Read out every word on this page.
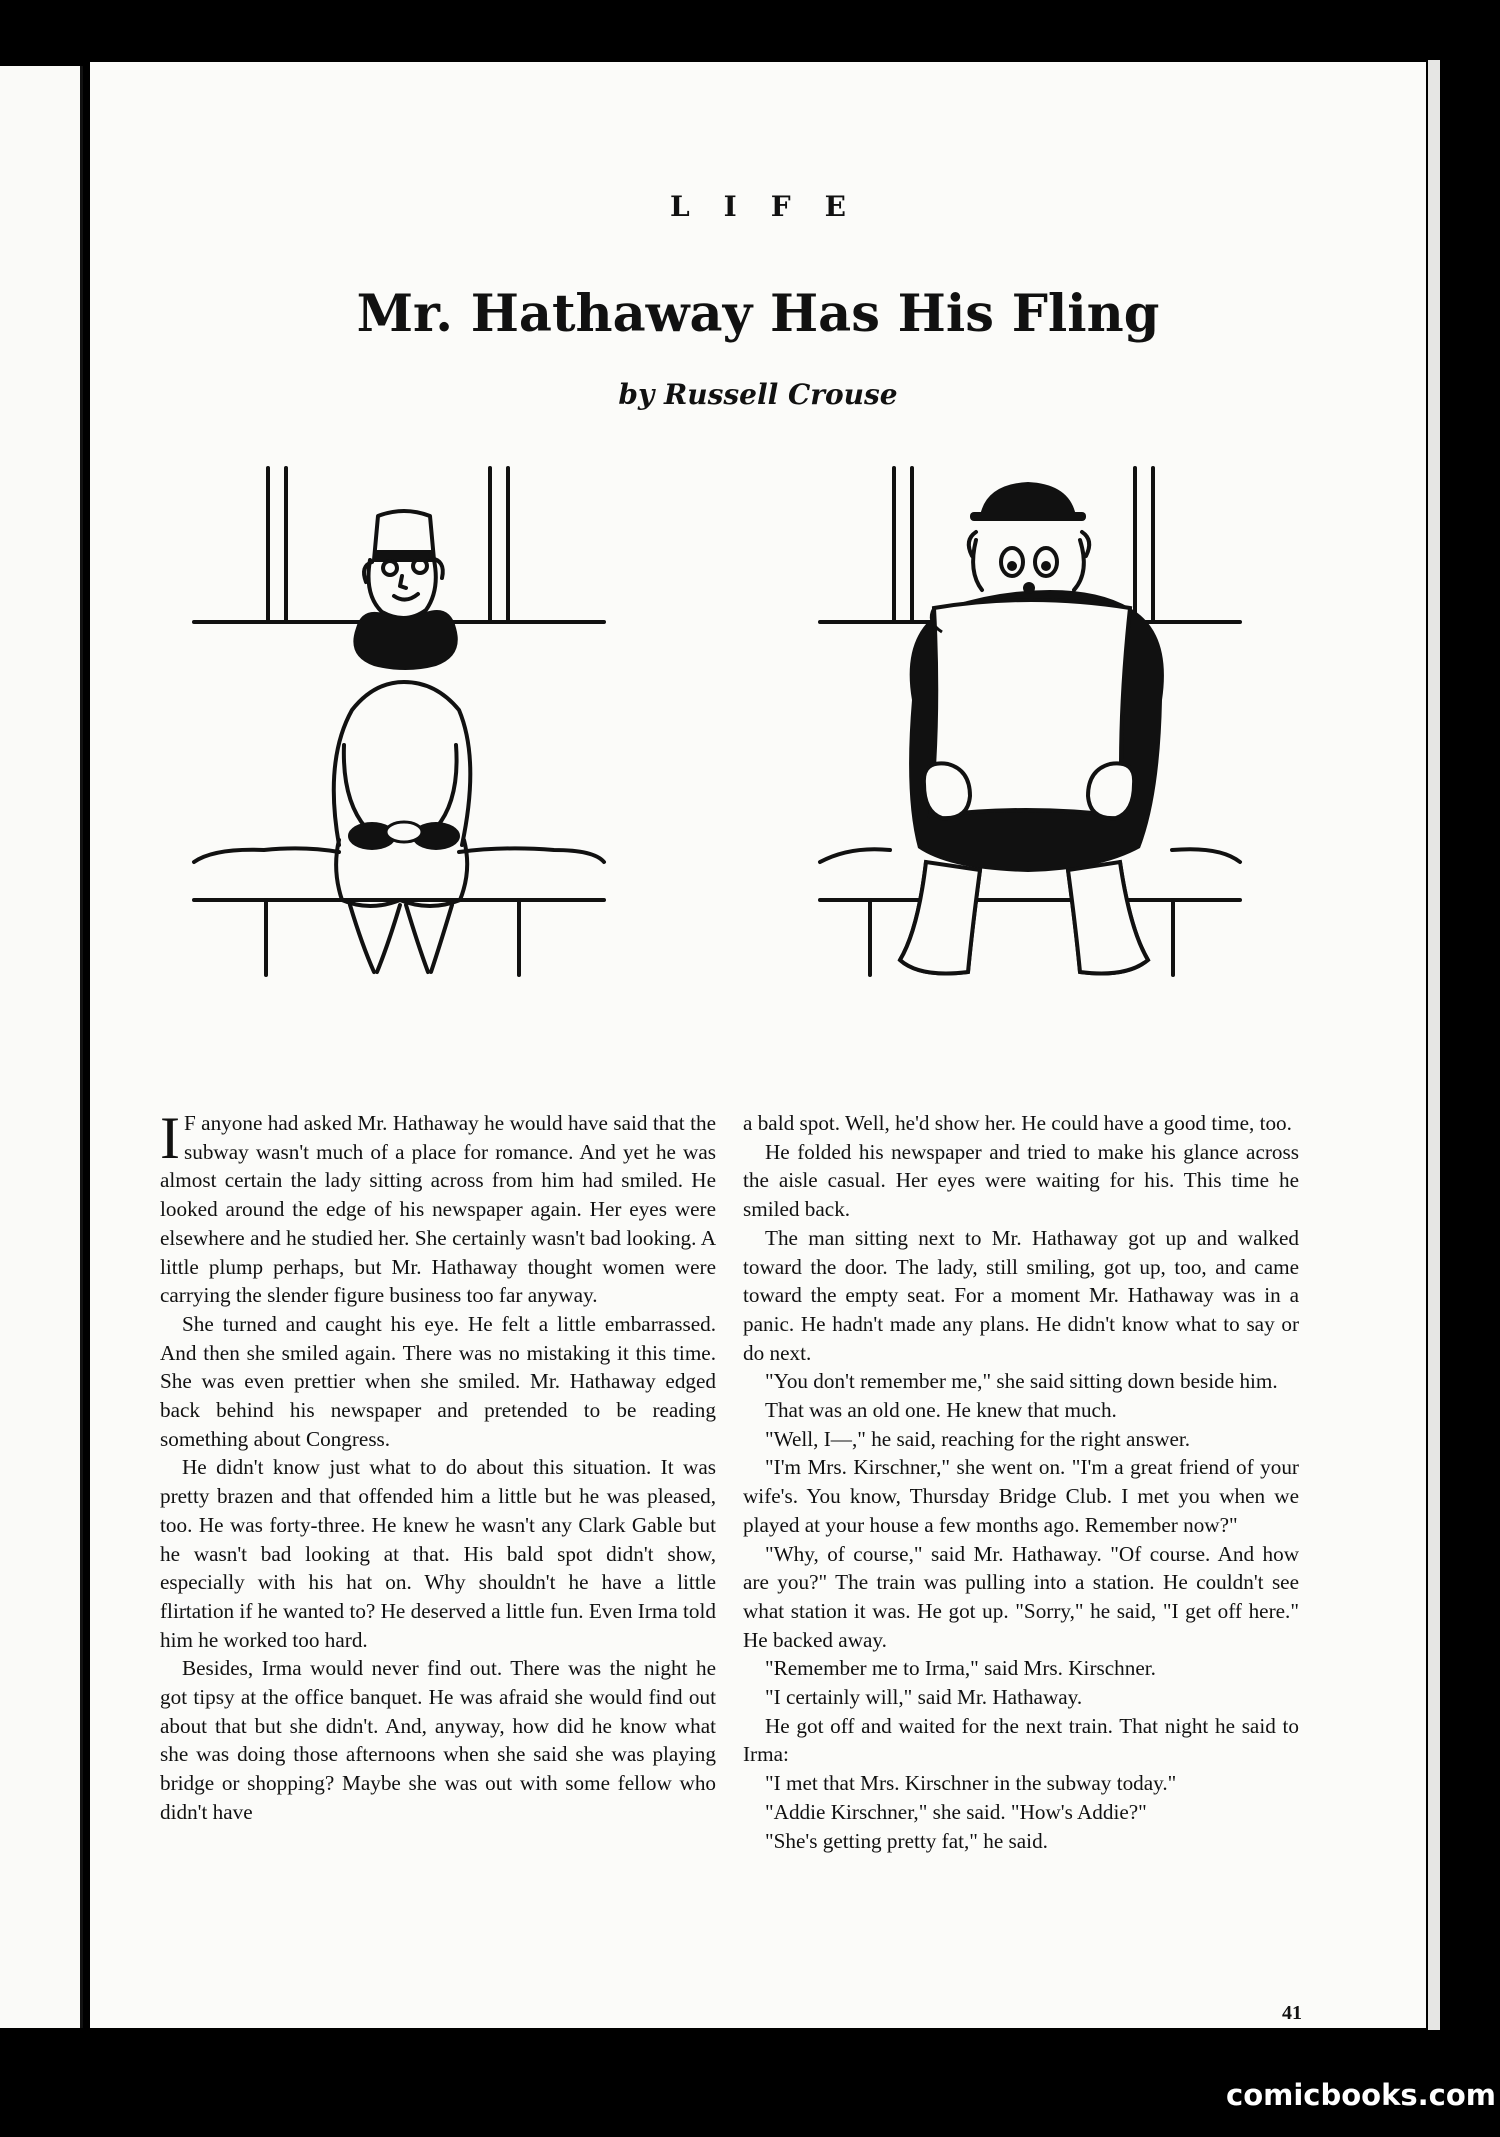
LIFE
Mr. Hathaway Has His Fling
by Russell Crouse

I F anyone had asked Mr. Hathaway he would have said that the subway wasn't much of a place for romance. And yet he was almost certain the lady sitting across from him had smiled. He looked around the edge of his newspaper again. Her eyes were elsewhere and he studied her. She certainly wasn't bad looking. A little plump perhaps, but Mr. Hathaway thought women were carrying the slender figure business too far anyway.

She turned and caught his eye. He felt a little embarrassed. And then she smiled again. There was no mistaking it this time. She was even prettier when she smiled. Mr. Hathaway edged back behind his newspaper and pretended to be reading something about Congress.

He didn't know just what to do about this situation. It was pretty brazen and that offended him a little but he was pleased, too. He was forty-three. He knew he wasn't any Clark Gable but he wasn't bad looking at that. His bald spot didn't show, especially with his hat on. Why shouldn't he have a little flirtation if he wanted to? He deserved a little fun. Even Irma told him he worked too hard.

Besides, Irma would never find out. There was the night he got tipsy at the office banquet. He was afraid she would find out about that but she didn't. And, anyway, how did he know what she was doing those afternoons when she said she was playing bridge or shopping? Maybe she was out with some fellow who didn't have

a bald spot. Well, he'd show her. He could have a good time, too.

He folded his newspaper and tried to make his glance across the aisle casual. Her eyes were waiting for his. This time he smiled back.

The man sitting next to Mr. Hathaway got up and walked toward the door. The lady, still smiling, got up, too, and came toward the empty seat. For a moment Mr. Hathaway was in a panic. He hadn't made any plans. He didn't know what to say or do next.

"You don't remember me," she said sitting down beside him.

That was an old one. He knew that much.

"Well, I—," he said, reaching for the right answer.

"I'm Mrs. Kirschner," she went on. "I'm a great friend of your wife's. You know, Thursday Bridge Club. I met you when we played at your house a few months ago. Remember now?"

"Why, of course," said Mr. Hathaway. "Of course. And how are you?" The train was pulling into a station. He couldn't see what station it was. He got up. "Sorry," he said, "I get off here." He backed away.

"Remember me to Irma," said Mrs. Kirschner.

"I certainly will," said Mr. Hathaway.

He got off and waited for the next train. That night he said to Irma:

"I met that Mrs. Kirschner in the subway today."

"Addie Kirschner," she said. "How's Addie?"

"She's getting pretty fat," he said.

41
comicbooks.com
